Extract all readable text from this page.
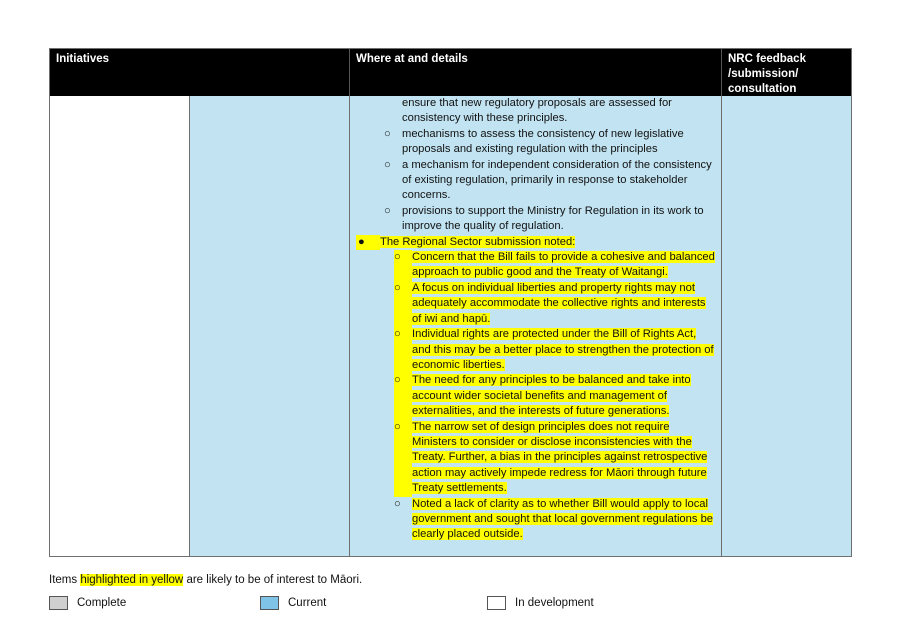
Initiatives	Where at and details	NRC feedback /submission/ consultation
ensure that new regulatory proposals are assessed for consistency with these principles.
○	mechanisms to assess the consistency of new legislative proposals and existing regulation with the principles
○	a mechanism for independent consideration of the consistency of existing regulation, primarily in response to stakeholder concerns.
○	provisions to support the Ministry for Regulation in its work to improve the quality of regulation.
●	The Regional Sector submission noted:
○	Concern that the Bill fails to provide a cohesive and balanced approach to public good and the Treaty of Waitangi.
○	A focus on individual liberties and property rights may not adequately accommodate the collective rights and interests of iwi and hapū.
○	Individual rights are protected under the Bill of Rights Act, and this may be a better place to strengthen the protection of economic liberties.
○	The need for any principles to be balanced and take into account wider societal benefits and management of externalities, and the interests of future generations.
○	The narrow set of design principles does not require Ministers to consider or disclose inconsistencies with the Treaty. Further, a bias in the principles against retrospective action may actively impede redress for Māori through future Treaty settlements.
○	Noted a lack of clarity as to whether Bill would apply to local government and sought that local government regulations be clearly placed outside.
Items highlighted in yellow are likely to be of interest to Māori.
Complete	Current	In development
